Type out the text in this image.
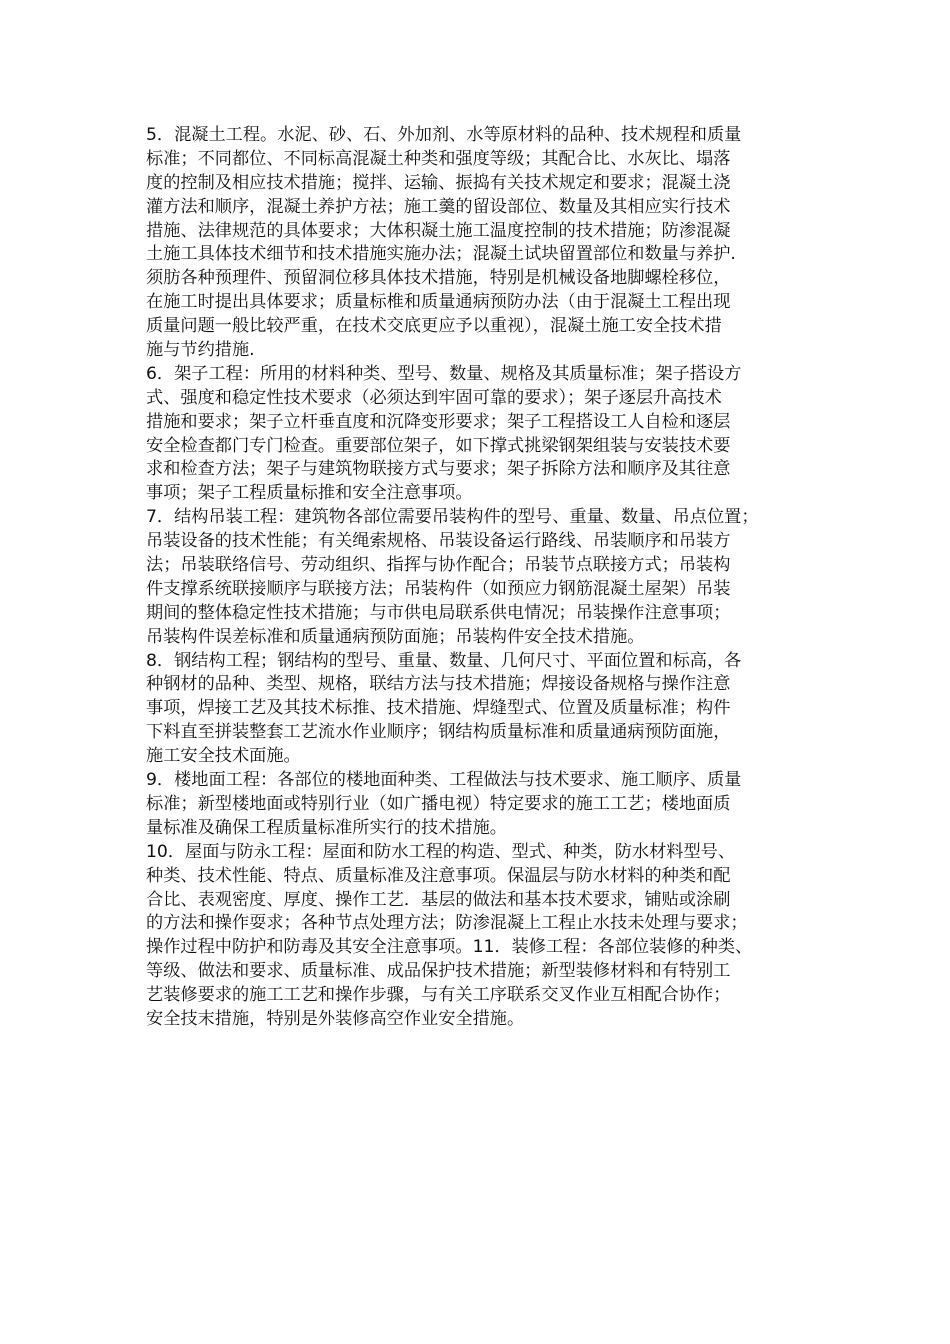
5．混凝土工程。水泥、砂、石、外加剂、水等原材料的品种、技术规程和质量
标准；不同都位、不同标高混凝土种类和强度等级；其配合比、水灰比、塌落
度的控制及相应技术措施；搅拌、运输、振捣有关技术规定和要求；混凝土浇
灌方法和顺序，混凝土养护方祛；施工羹的留设部位、数量及其相应实行技术
措施、法律规范的具体要求；大体积凝土施工温度控制的技术措施；防渗混凝
土施工具体技术细节和技术措施实施办法；混凝土试块留置部位和数量与养护.
须肪各种预理件、预留洞位移具体技术措施，特别是机械设备地脚螺栓移位，
在施工时提出具体要求；质量标椎和质量通病预防办法（由于混凝土工程出现
质量问题一般比较严重，在技术交底更应予以重视），混凝土施工安全技术措
施与节约措施.
6．架子工程：所用的材料种类、型号、数量、规格及其质量标准；架子搭设方
式、强度和稳定性技术要求（必须达到牢固可靠的要求）；架子逐层升高技术
措施和要求；架子立杆垂直度和沉降变形要求；架子工程搭设工人自检和逐层
安全检查都门专门检查。重要部位架子，如下撑式挑梁钢架组装与安装技术要
求和检查方法；架子与建筑物联接方式与要求；架子拆除方法和顺序及其往意
事项；架子工程质量标推和安全注意事项。
7．结构吊装工程：建筑物各部位需要吊装构件的型号、重量、数量、吊点位置；
吊装设备的技术性能；有关绳索规格、吊装设备运行路线、吊装顺序和吊装方
法；吊装联络信号、劳动组织、指挥与协作配合；吊装节点联接方式；吊装构
件支撑系统联接顺序与联接方法；吊装构件（如预应力钢筋混凝土屋架）吊装
期间的整体稳定性技术措施；与市供电局联系供电情况；吊装操作注意事项；
吊装构件误差标准和质量通病预防面施；吊装构件安全技术措施。
8．钢结构工程；钢结构的型号、重量、数量、几何尺寸、平面位置和标高，各
种钢材的品种、类型、规格，联结方法与技术措施；焊接设备规格与操作注意
事项，焊接工艺及其技术标推、技术措施、焊缝型式、位置及质量标准；构件
下料直至拼装整套工艺流水作业顺序；钢结构质量标准和质量通病预防面施，
施工安全技术面施。
9．楼地面工程：各部位的楼地面种类、工程做法与技术要求、施工顺序、质量
标准；新型楼地面或特别行业（如广播电视）特定要求的施工工艺；楼地面质
量标准及确保工程质量标准所实行的技术措施。
10．屋面与防永工程：屋面和防水工程的构造、型式、种类，防水材料型号、
种类、技术性能、特点、质量标准及注意事项。保温层与防水材料的种类和配
合比、表观密度、厚度、操作工艺．基层的做法和基本技术要求，铺贴或涂刷
的方法和操作耍求；各种节点处理方法；防渗混凝上工程止水技未处理与要求；
操作过程中防护和防毒及其安全注意事项。11．装修工程：各部位装修的种类、
等级、做法和要求、质量标准、成品保护技术措施；新型装修材料和有特别工
艺装修要求的施工工艺和操作步骤，与有关工序联系交叉作业互相配合协作；
安全技末措施，特别是外装修高空作业安全措施。
